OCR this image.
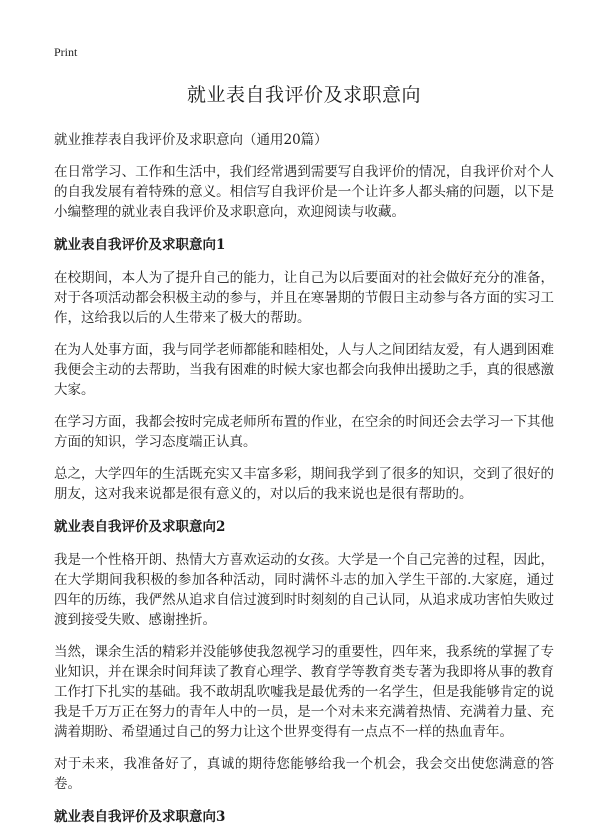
Print
就业表自我评价及求职意向
就业推荐表自我评价及求职意向（通用20篇）

在日常学习、工作和生活中，我们经常遇到需要写自我评价的情况，自我评价对个人的自我发展有着特殊的意义。相信写自我评价是一个让许多人都头痛的问题，以下是小编整理的就业表自我评价及求职意向，欢迎阅读与收藏。

就业表自我评价及求职意向1

在校期间，本人为了提升自己的能力，让自己为以后要面对的社会做好充分的准备，对于各项活动都会积极主动的参与，并且在寒暑期的节假日主动参与各方面的实习工作，这给我以后的人生带来了极大的帮助。

在为人处事方面，我与同学老师都能和睦相处，人与人之间团结友爱，有人遇到困难我便会主动的去帮助，当我有困难的时候大家也都会向我伸出援助之手，真的很感激大家。

在学习方面，我都会按时完成老师所布置的作业，在空余的时间还会去学习一下其他方面的知识，学习态度端正认真。

总之，大学四年的生活既充实又丰富多彩，期间我学到了很多的知识，交到了很好的朋友，这对我来说都是很有意义的，对以后的我来说也是很有帮助的。

就业表自我评价及求职意向2

我是一个性格开朗、热情大方喜欢运动的女孩。大学是一个自己完善的过程，因此，在大学期间我积极的参加各种活动，同时满怀斗志的加入学生干部的.大家庭，通过四年的历练，我俨然从追求自信过渡到时时刻刻的自己认同，从追求成功害怕失败过渡到接受失败、感谢挫折。

当然，课余生活的精彩并没能够使我忽视学习的重要性，四年来，我系统的掌握了专业知识，并在课余时间拜读了教育心理学、教育学等教育类专著为我即将从事的教育工作打下扎实的基础。我不敢胡乱吹嘘我是最优秀的一名学生，但是我能够肯定的说我是千万万正在努力的青年人中的一员，是一个对未来充满着热情、充满着力量、充满着期盼、希望通过自己的努力让这个世界变得有一点点不一样的热血青年。

对于未来，我准备好了，真诚的期待您能够给我一个机会，我会交出使您满意的答卷。

就业表自我评价及求职意向3
